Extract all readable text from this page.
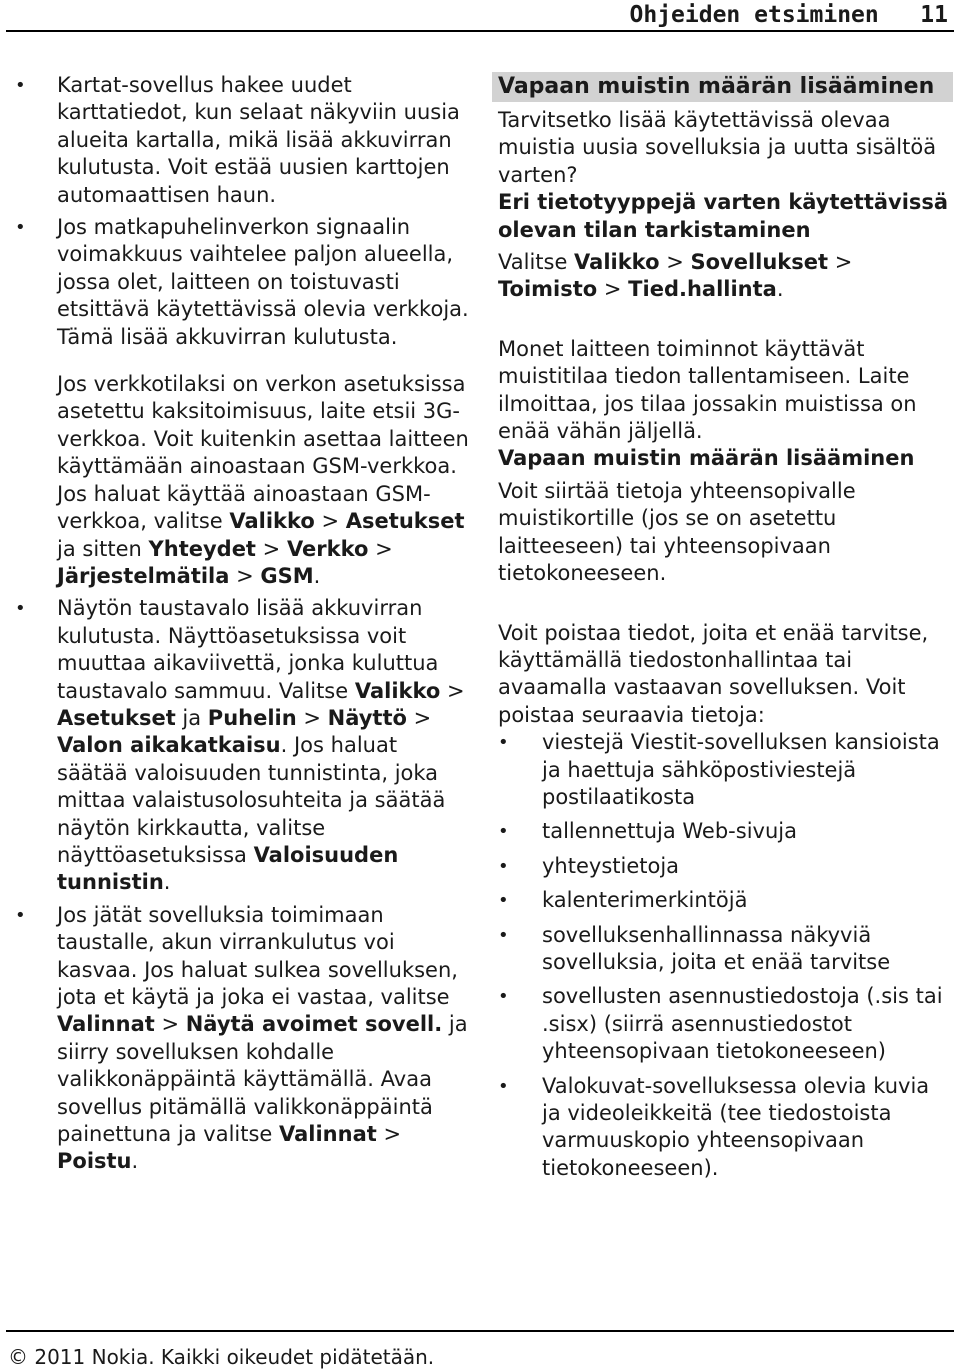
Ohjeiden etsiminen 11
• Kartat-sovellus hakee uudet karttatiedot, kun selaat näkyviin uusia alueita kartalla, mikä lisää akkuvirran kulutusta. Voit estää uusien karttojen automaattisen haun.
• Jos matkapuhelinverkon signaalin voimakkuus vaihtelee paljon alueella, jossa olet, laitteen on toistuvasti etsittävä käytettävissä olevia verkkoja. Tämä lisää akkuvirran kulutusta.

Jos verkkotilaksi on verkon asetuksissa asetettu kaksitoimisuus, laite etsii 3G-verkkoa. Voit kuitenkin asettaa laitteen käyttämään ainoastaan GSM-verkkoa. Jos haluat käyttää ainoastaan GSM-verkkoa, valitse Valikko > Asetukset ja sitten Yhteydet > Verkko > Järjestelmätila > GSM.

• Näytön taustavalo lisää akkuvirran kulutusta. Näyttöasetuksissa voit muuttaa aikaviivettä, jonka kuluttua taustavalo sammuu. Valitse Valikko > Asetukset ja Puhelin > Näyttö > Valon aikakatkaisu. Jos haluat säätää valoisuuden tunnistinta, joka mittaa valaistusolosuhteita ja säätää näytön kirkkautta, valitse näyttöasetuksissa Valoisuuden tunnistin.
• Jos jätät sovelluksia toimimaan taustalle, akun virrankulutus voi kasvaa. Jos haluat sulkea sovelluksen, jota et käytä ja joka ei vastaa, valitse Valinnat > Näytä avoimet sovell. ja siirry sovelluksen kohdalle valikkonäppäintä käyttämällä. Avaa sovellus pitämällä valikkonäppäintä painettuna ja valitse Valinnat > Poistu.
Vapaan muistin määrän lisääminen

Tarvitsetko lisää käytettävissä olevaa muistia uusia sovelluksia ja uutta sisältöä varten?

Eri tietotyyppejä varten käytettävissä olevan tilan tarkistaminen

Valitse Valikko > Sovellukset > Toimisto > Tied.hallinta.

Monet laitteen toiminnot käyttävät muistitilaa tiedon tallentamiseen. Laite ilmoittaa, jos tilaa jossakin muistissa on enää vähän jäljellä.

Vapaan muistin määrän lisääminen

Voit siirtää tietoja yhteensopivalle muistikortille (jos se on asetettu laitteeseen) tai yhteensopivaan tietokoneeseen.

Voit poistaa tiedot, joita et enää tarvitse, käyttämällä tiedostonhallintaa tai avaamalla vastaavan sovelluksen. Voit poistaa seuraavia tietoja:

• viestejä Viestit-sovelluksen kansioista ja haettuja sähköpostiviestejä postilaatikosta
• tallennettuja Web-sivuja
• yhteystietoja
• kalenterimerkintöjä
• sovelluksenhallinnassa näkyviä sovelluksia, joita et enää tarvitse
• sovellusten asennustiedostoja (.sis tai .sisx) (siirrä asennustiedostot yhteensopivaan tietokoneeseen)
• Valokuvat-sovelluksessa olevia kuvia ja videoleikkeitä (tee tiedostoista varmuuskopio yhteensopivaan tietokoneeseen).
© 2011 Nokia. Kaikki oikeudet pidätetään.
